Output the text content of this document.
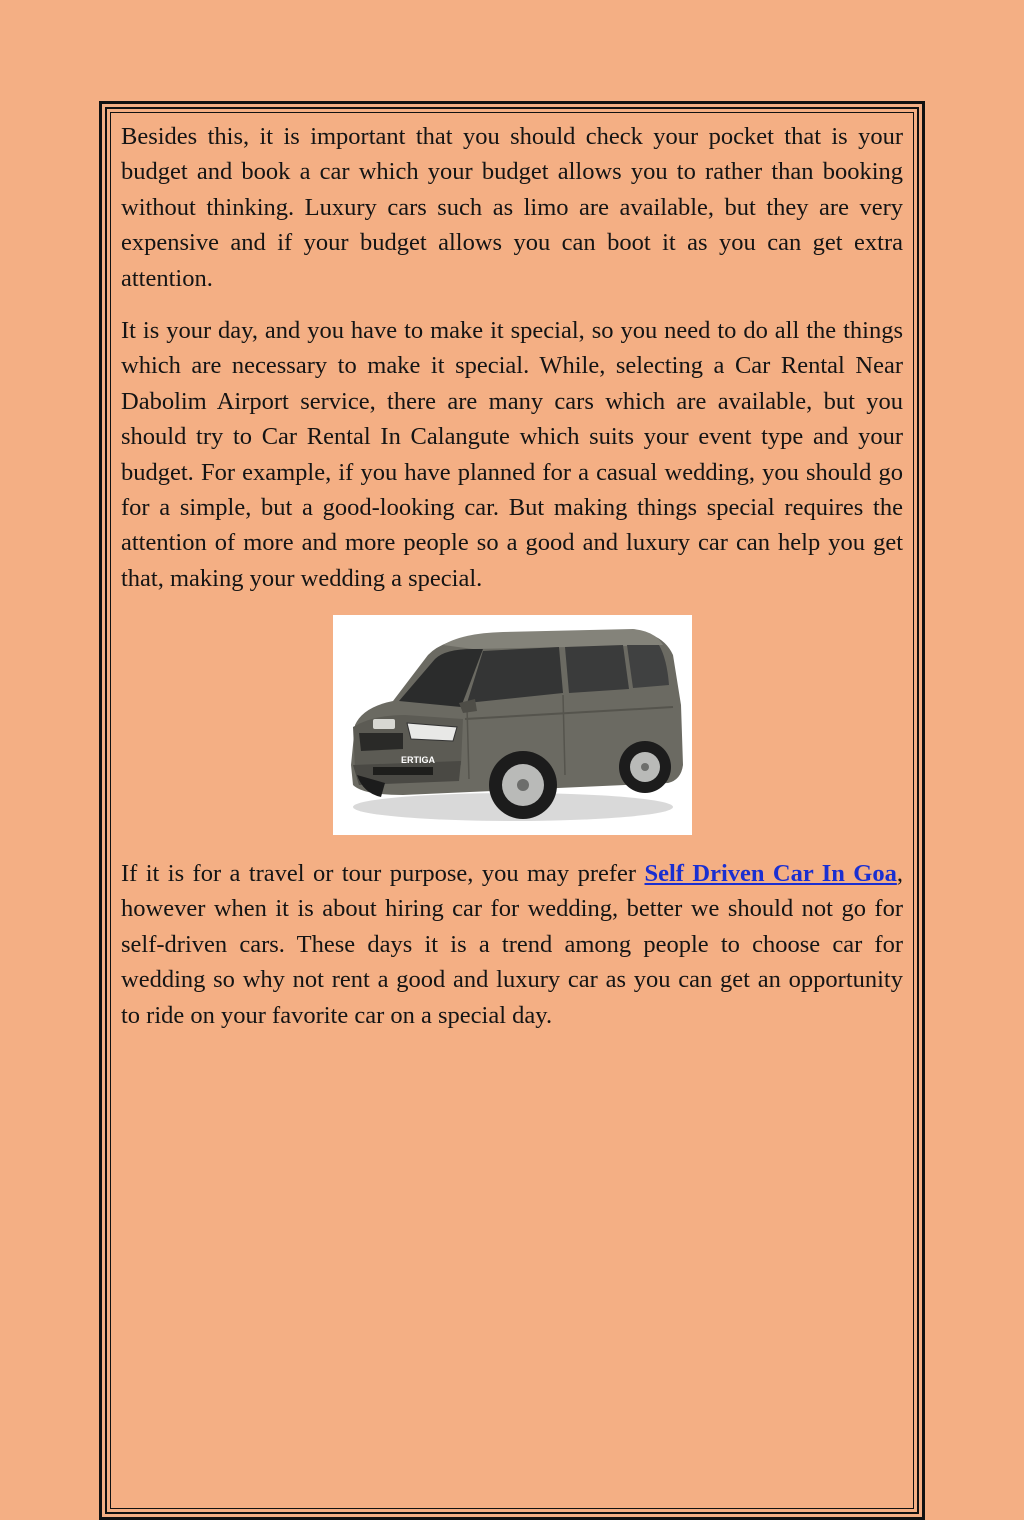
Besides this, it is important that you should check your pocket that is your budget and book a car which your budget allows you to rather than booking without thinking. Luxury cars such as limo are available, but they are very expensive and if your budget allows you can boot it as you can get extra attention.

It is your day, and you have to make it special, so you need to do all the things which are necessary to make it special. While, selecting a Car Rental Near Dabolim Airport service, there are many cars which are available, but you should try to Car Rental In Calangute which suits your event type and your budget. For example, if you have planned for a casual wedding, you should go for a simple, but a good-looking car. But making things special requires the attention of more and more people so a good and luxury car can help you get that, making your wedding a special.

ERTIGA

If it is for a travel or tour purpose, you may prefer Self Driven Car In Goa, however when it is about hiring car for wedding, better we should not go for self-driven cars. These days it is a trend among people to choose car for wedding so why not rent a good and luxury car as you can get an opportunity to ride on your favorite car on a special day.
